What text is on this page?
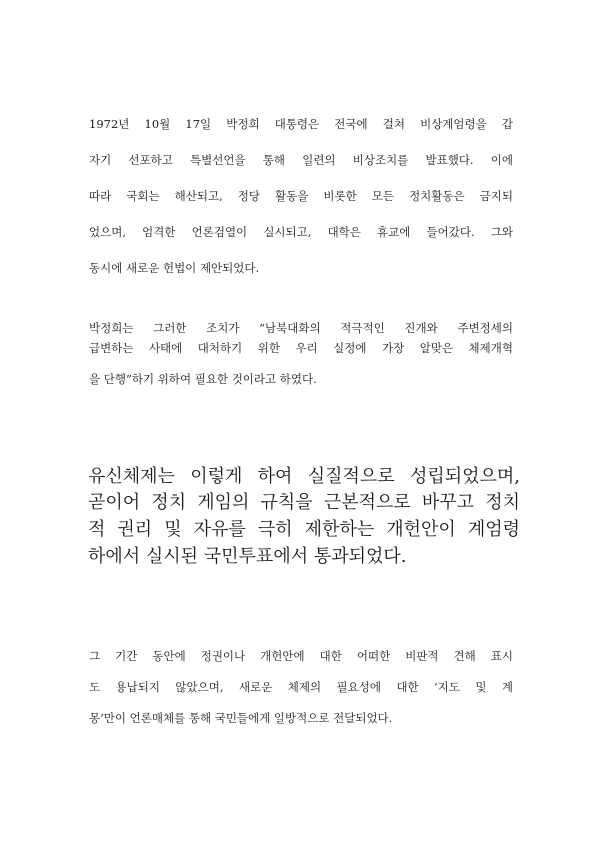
1972년 10월 17일 박정희 대통령은 전국에 걸쳐 비상계엄령을 갑
자기 선포하고 특별선언을 통해 일련의 비상조치를 발표했다. 이에
따라 국회는 해산되고, 정당 활동을 비롯한 모든 정치활동은 금지되
었으며, 엄격한 언론검열이 실시되고, 대학은 휴교에 들어갔다. 그와
동시에 새로운 헌법이 제안되었다.
박정희는 그러한 조치가 “남북대화의 적극적인 진개와 주변정세의
급변하는 사태에 대처하기 위한 우리 실정에 가장 알맞은 체제개혁
을 단행”하기 위하여 필요한 것이라고 하였다.
유신체제는 이렇게 하여 실질적으로 성립되었으며,
곧이어 정치 게임의 규칙을 근본적으로 바꾸고 정치
적 권리 및 자유를 극히 제한하는 개헌안이 계엄령
하에서 실시된 국민투표에서 통과되었다.
그 기간 동안에 정권이나 개헌안에 대한 어떠한 비판적 견해 표시
도 용납되지 않았으며, 새로운 체제의 필요성에 대한 ‘지도 및 계
몽’만이 언론매체를 통해 국민들에게 일방적으로 전달되었다.
